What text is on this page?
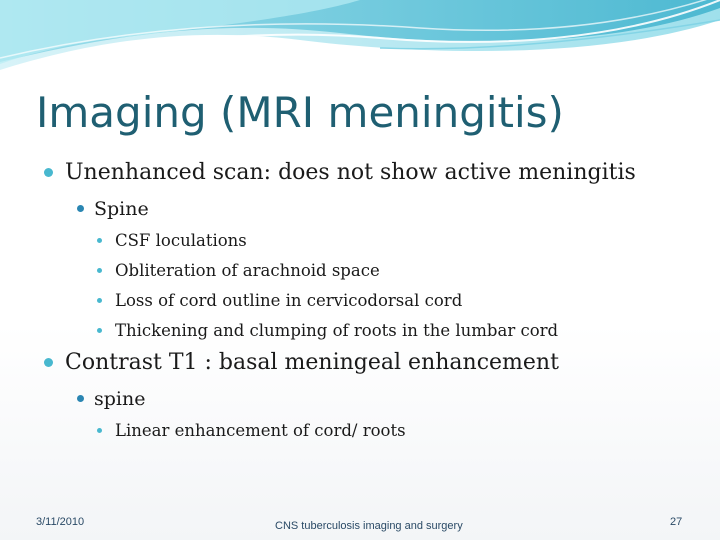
Imaging (MRI meningitis)
Unenhanced scan: does not show active meningitis
Spine
CSF loculations
Obliteration of arachnoid space
Loss of cord outline in cervicodorsal cord
Thickening and clumping of roots in the lumbar cord
Contrast T1 : basal meningeal enhancement
spine
Linear enhancement of cord/ roots
3/11/2010	CNS tuberculosis imaging and surgery	27
